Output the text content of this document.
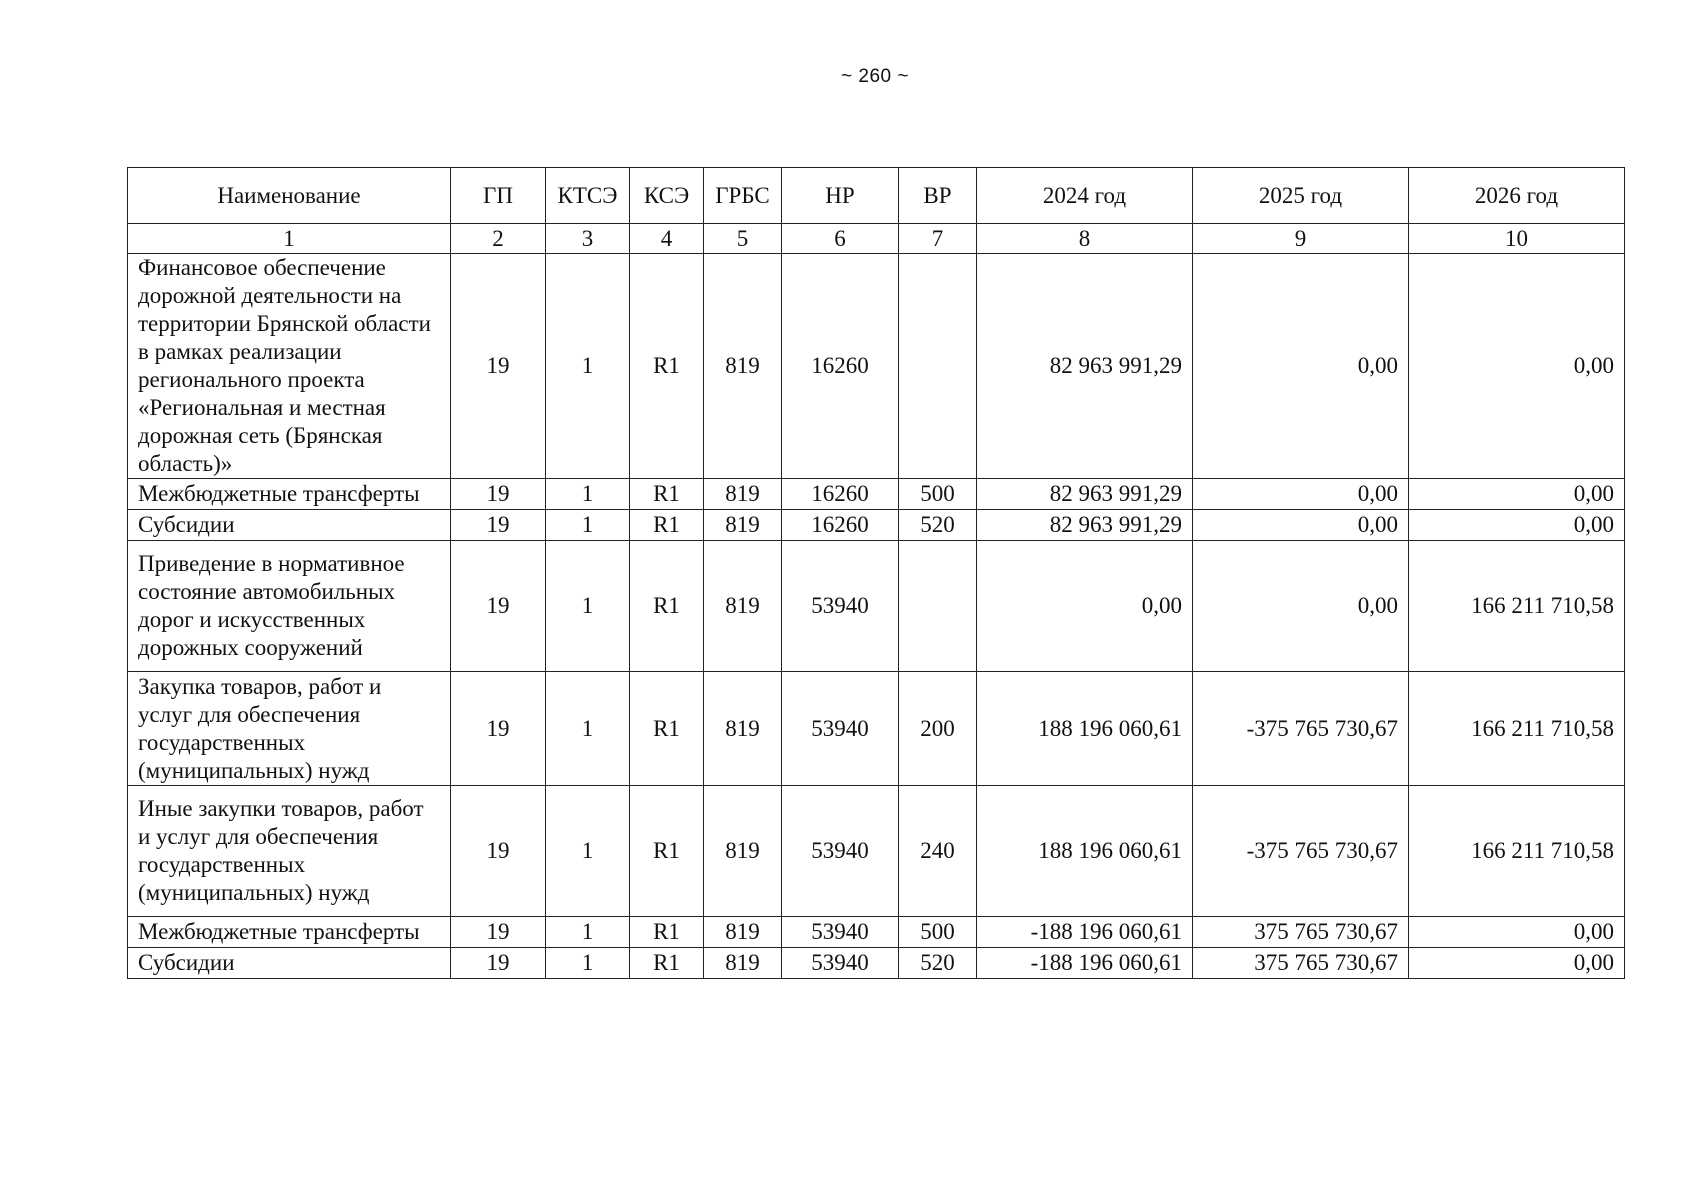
~ 260 ~
Наименование	ГП	КТСЭ	КСЭ	ГРБС	НР	ВР	2024 год	2025 год	2026 год
1	2	3	4	5	6	7	8	9	10
Финансовое обеспечение дорожной деятельности на территории Брянской области в рамках реализации регионального проекта «Региональная и местная дорожная сеть (Брянская область)»	19	1	R1	819	16260		82 963 991,29	0,00	0,00
Межбюджетные трансферты	19	1	R1	819	16260	500	82 963 991,29	0,00	0,00
Субсидии	19	1	R1	819	16260	520	82 963 991,29	0,00	0,00
Приведение в нормативное состояние автомобильных дорог и искусственных дорожных сооружений	19	1	R1	819	53940		0,00	0,00	166 211 710,58
Закупка товаров, работ и услуг для обеспечения государственных (муниципальных) нужд	19	1	R1	819	53940	200	188 196 060,61	-375 765 730,67	166 211 710,58
Иные закупки товаров, работ и услуг для обеспечения государственных (муниципальных) нужд	19	1	R1	819	53940	240	188 196 060,61	-375 765 730,67	166 211 710,58
Межбюджетные трансферты	19	1	R1	819	53940	500	-188 196 060,61	375 765 730,67	0,00
Субсидии	19	1	R1	819	53940	520	-188 196 060,61	375 765 730,67	0,00
